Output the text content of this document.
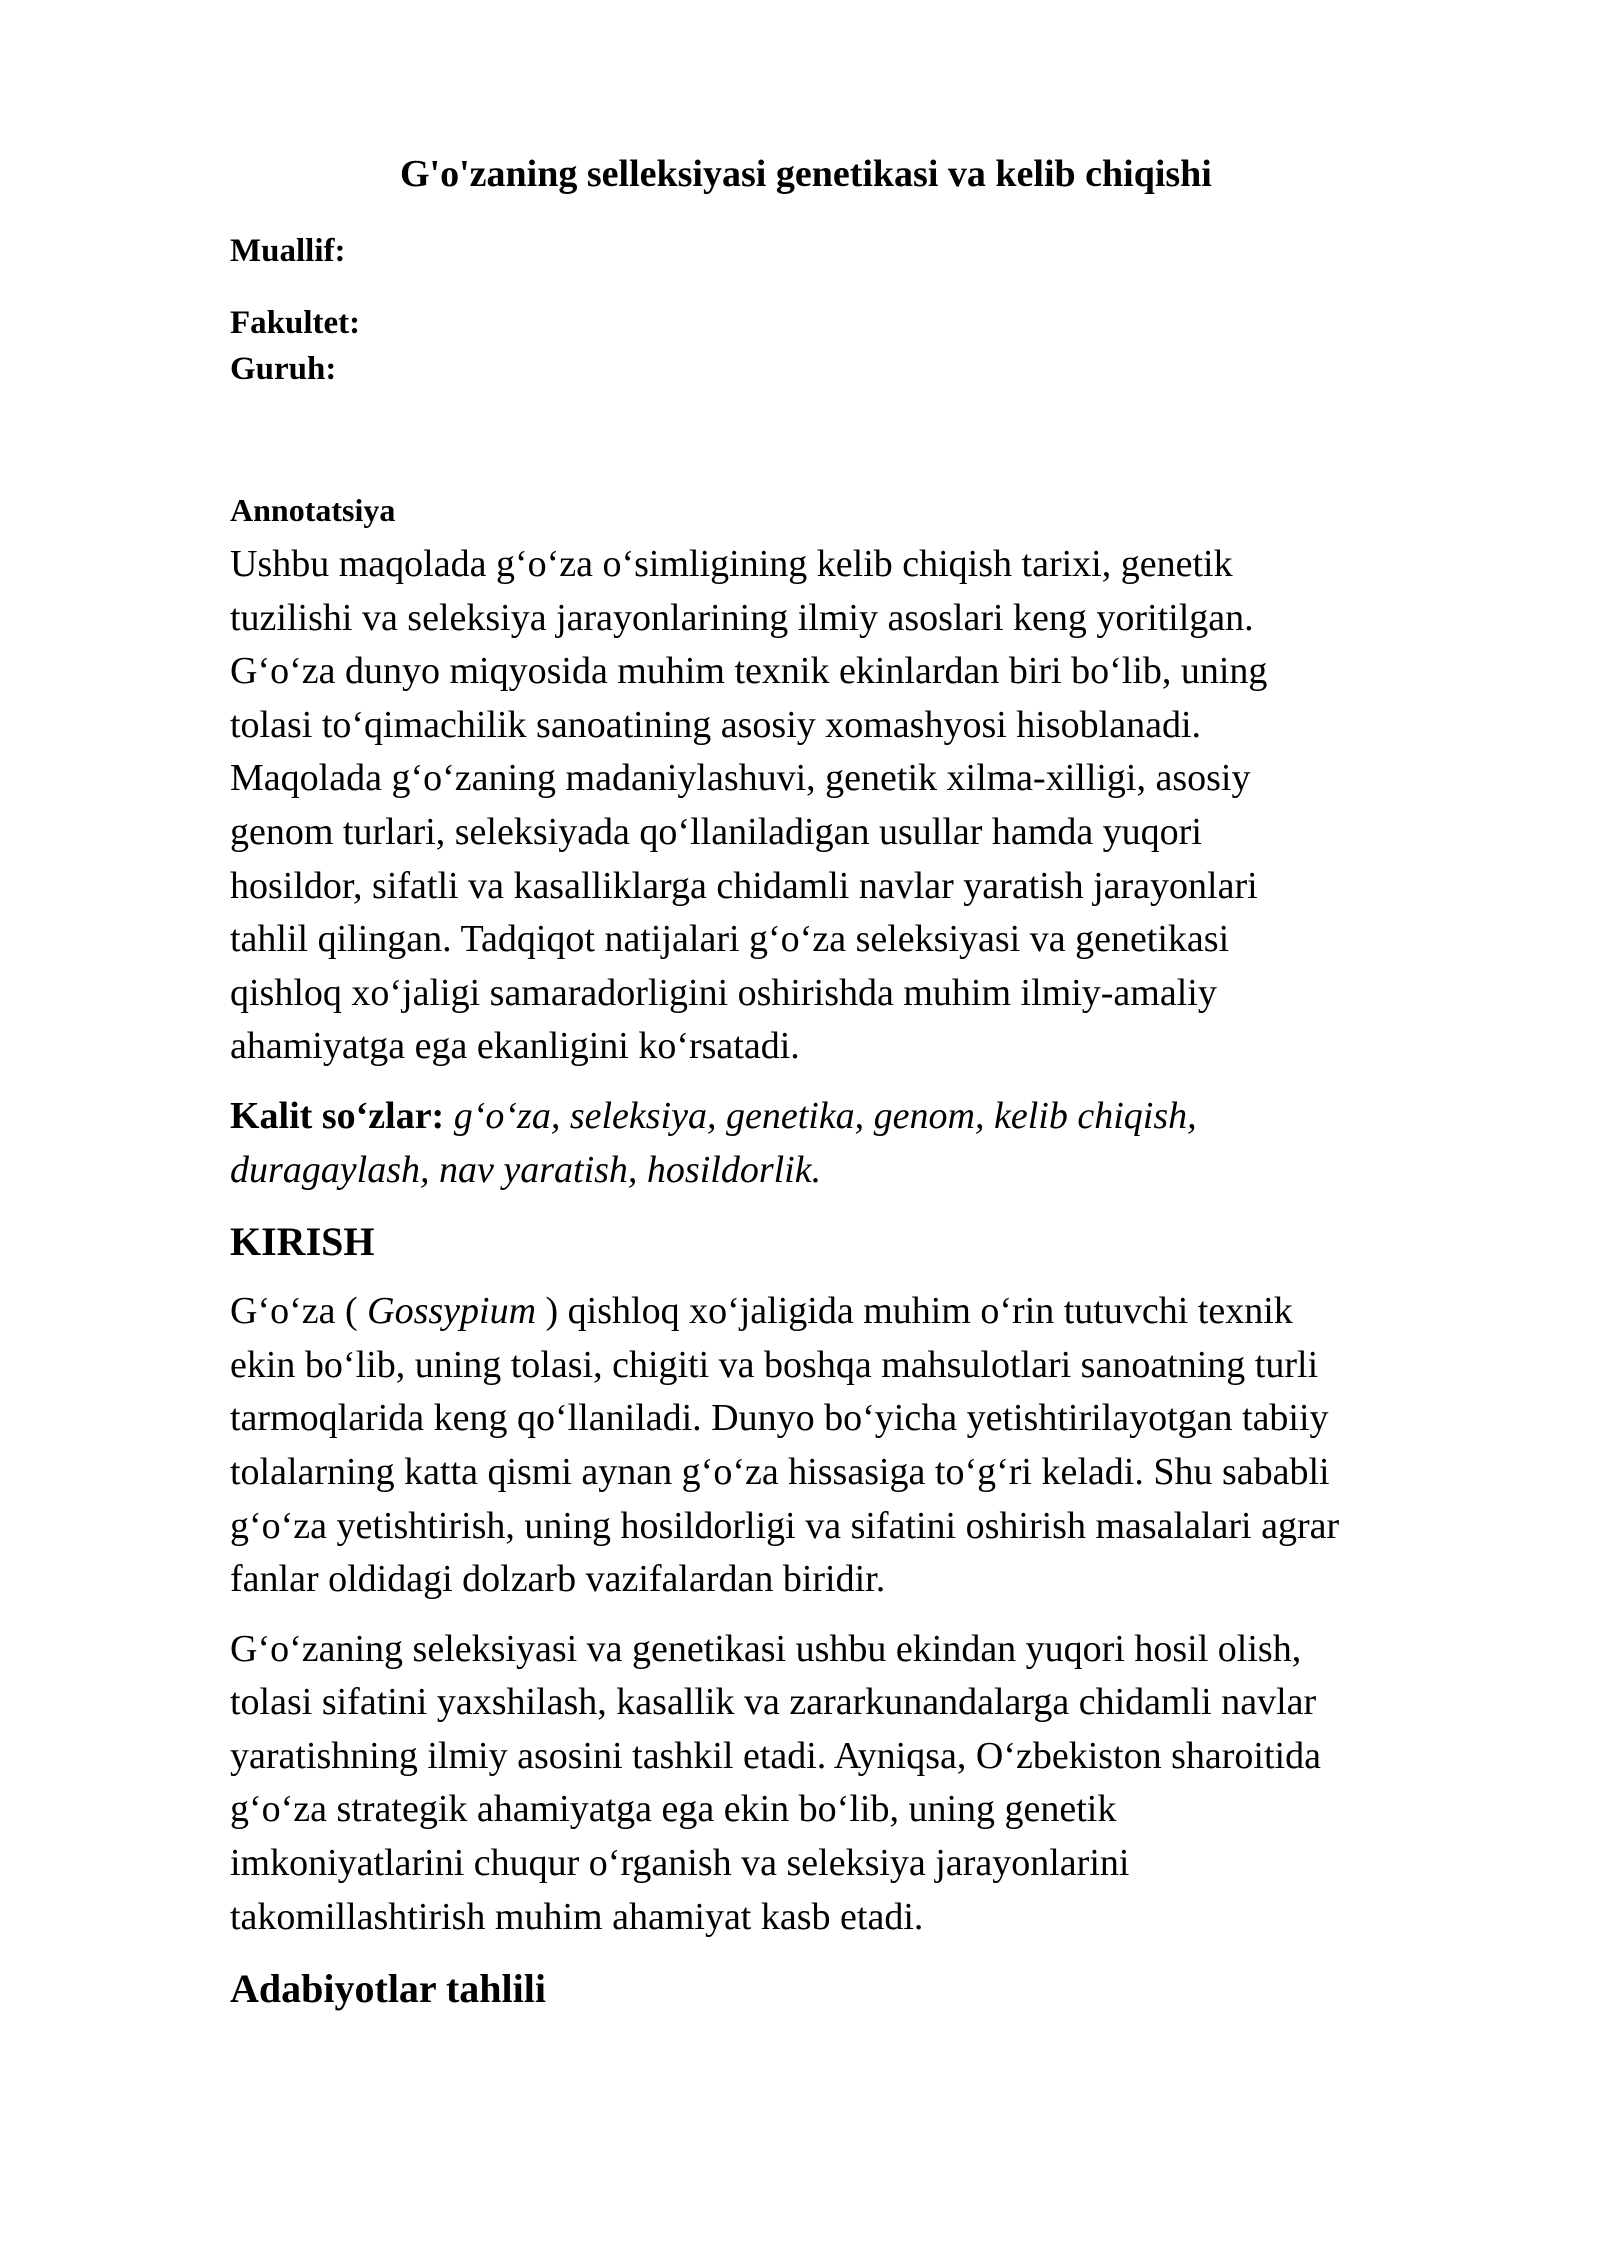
G'o'zaning selleksiyasi genetikasi va kelib chiqishi

Muallif:

Fakultet:

Guruh:

Annotatsiya

Ushbu maqolada g‘o‘za o‘simligining kelib chiqish tarixi, genetik
tuzilishi va seleksiya jarayonlarining ilmiy asoslari keng yoritilgan.
G‘o‘za dunyo miqyosida muhim texnik ekinlardan biri bo‘lib, uning
tolasi to‘qimachilik sanoatining asosiy xomashyosi hisoblanadi.
Maqolada g‘o‘zaning madaniylashuvi, genetik xilma-xilligi, asosiy
genom turlari, seleksiyada qo‘llaniladigan usullar hamda yuqori
hosildor, sifatli va kasalliklarga chidamli navlar yaratish jarayonlari
tahlil qilingan. Tadqiqot natijalari g‘o‘za seleksiyasi va genetikasi
qishloq xo‘jaligi samaradorligini oshirishda muhim ilmiy-amaliy
ahamiyatga ega ekanligini ko‘rsatadi.

Kalit so‘zlar: g‘o‘za, seleksiya, genetika, genom, kelib chiqish,
duragaylash, nav yaratish, hosildorlik.

KIRISH

G‘o‘za ( Gossypium ) qishloq xo‘jaligida muhim o‘rin tutuvchi texnik
ekin bo‘lib, uning tolasi, chigiti va boshqa mahsulotlari sanoatning turli
tarmoqlarida keng qo‘llaniladi. Dunyo bo‘yicha yetishtirilayotgan tabiiy
tolalarning katta qismi aynan g‘o‘za hissasiga to‘g‘ri keladi. Shu sababli
g‘o‘za yetishtirish, uning hosildorligi va sifatini oshirish masalalari agrar
fanlar oldidagi dolzarb vazifalardan biridir.

G‘o‘zaning seleksiyasi va genetikasi ushbu ekindan yuqori hosil olish,
tolasi sifatini yaxshilash, kasallik va zararkunandalarga chidamli navlar
yaratishning ilmiy asosini tashkil etadi. Ayniqsa, O‘zbekiston sharoitida
g‘o‘za strategik ahamiyatga ega ekin bo‘lib, uning genetik
imkoniyatlarini chuqur o‘rganish va seleksiya jarayonlarini
takomillashtirish muhim ahamiyat kasb etadi.

Adabiyotlar tahlili
